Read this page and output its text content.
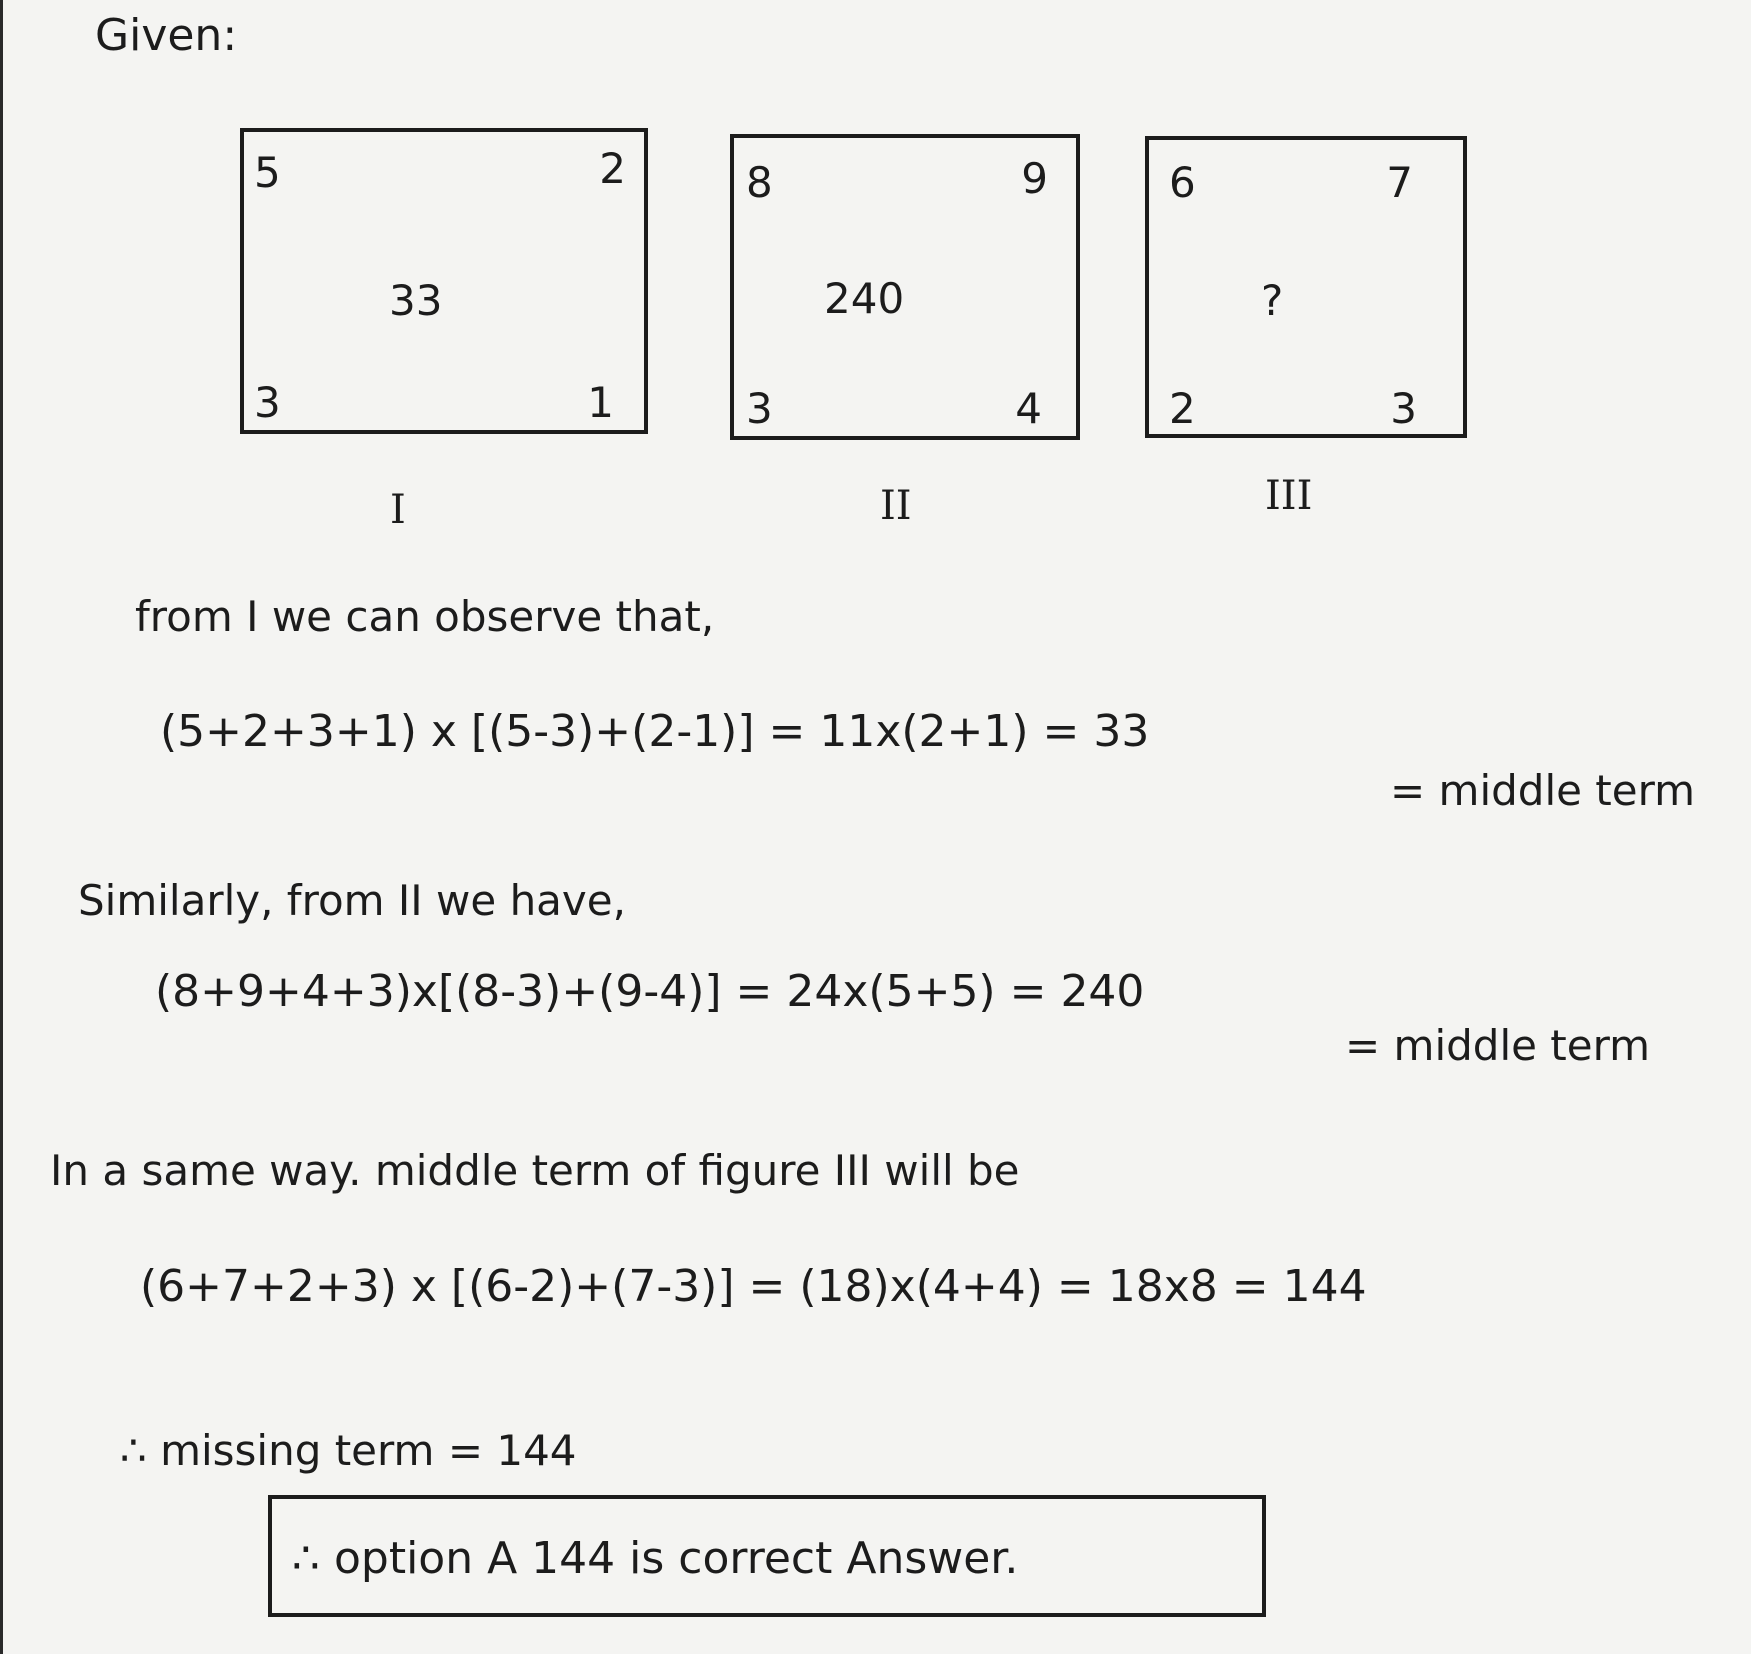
Given:
5	2
33
3	1
I
8	9
240
3	4
II
6	7
?
2	3
III
from I we can observe that,
(5+2+3+1) x [(5-3)+(2-1)] = 11x(2+1) = 33
= middle term
Similarly, from II we have,
(8+9+4+3)x[(8-3)+(9-4)] = 24x(5+5) = 240
= middle term
In a same way. middle term of figure III will be
(6+7+2+3) x [(6-2)+(7-3)] = (18)x(4+4) = 18x8 = 144
∴ missing term = 144
∴ option A 144 is correct Answer.
